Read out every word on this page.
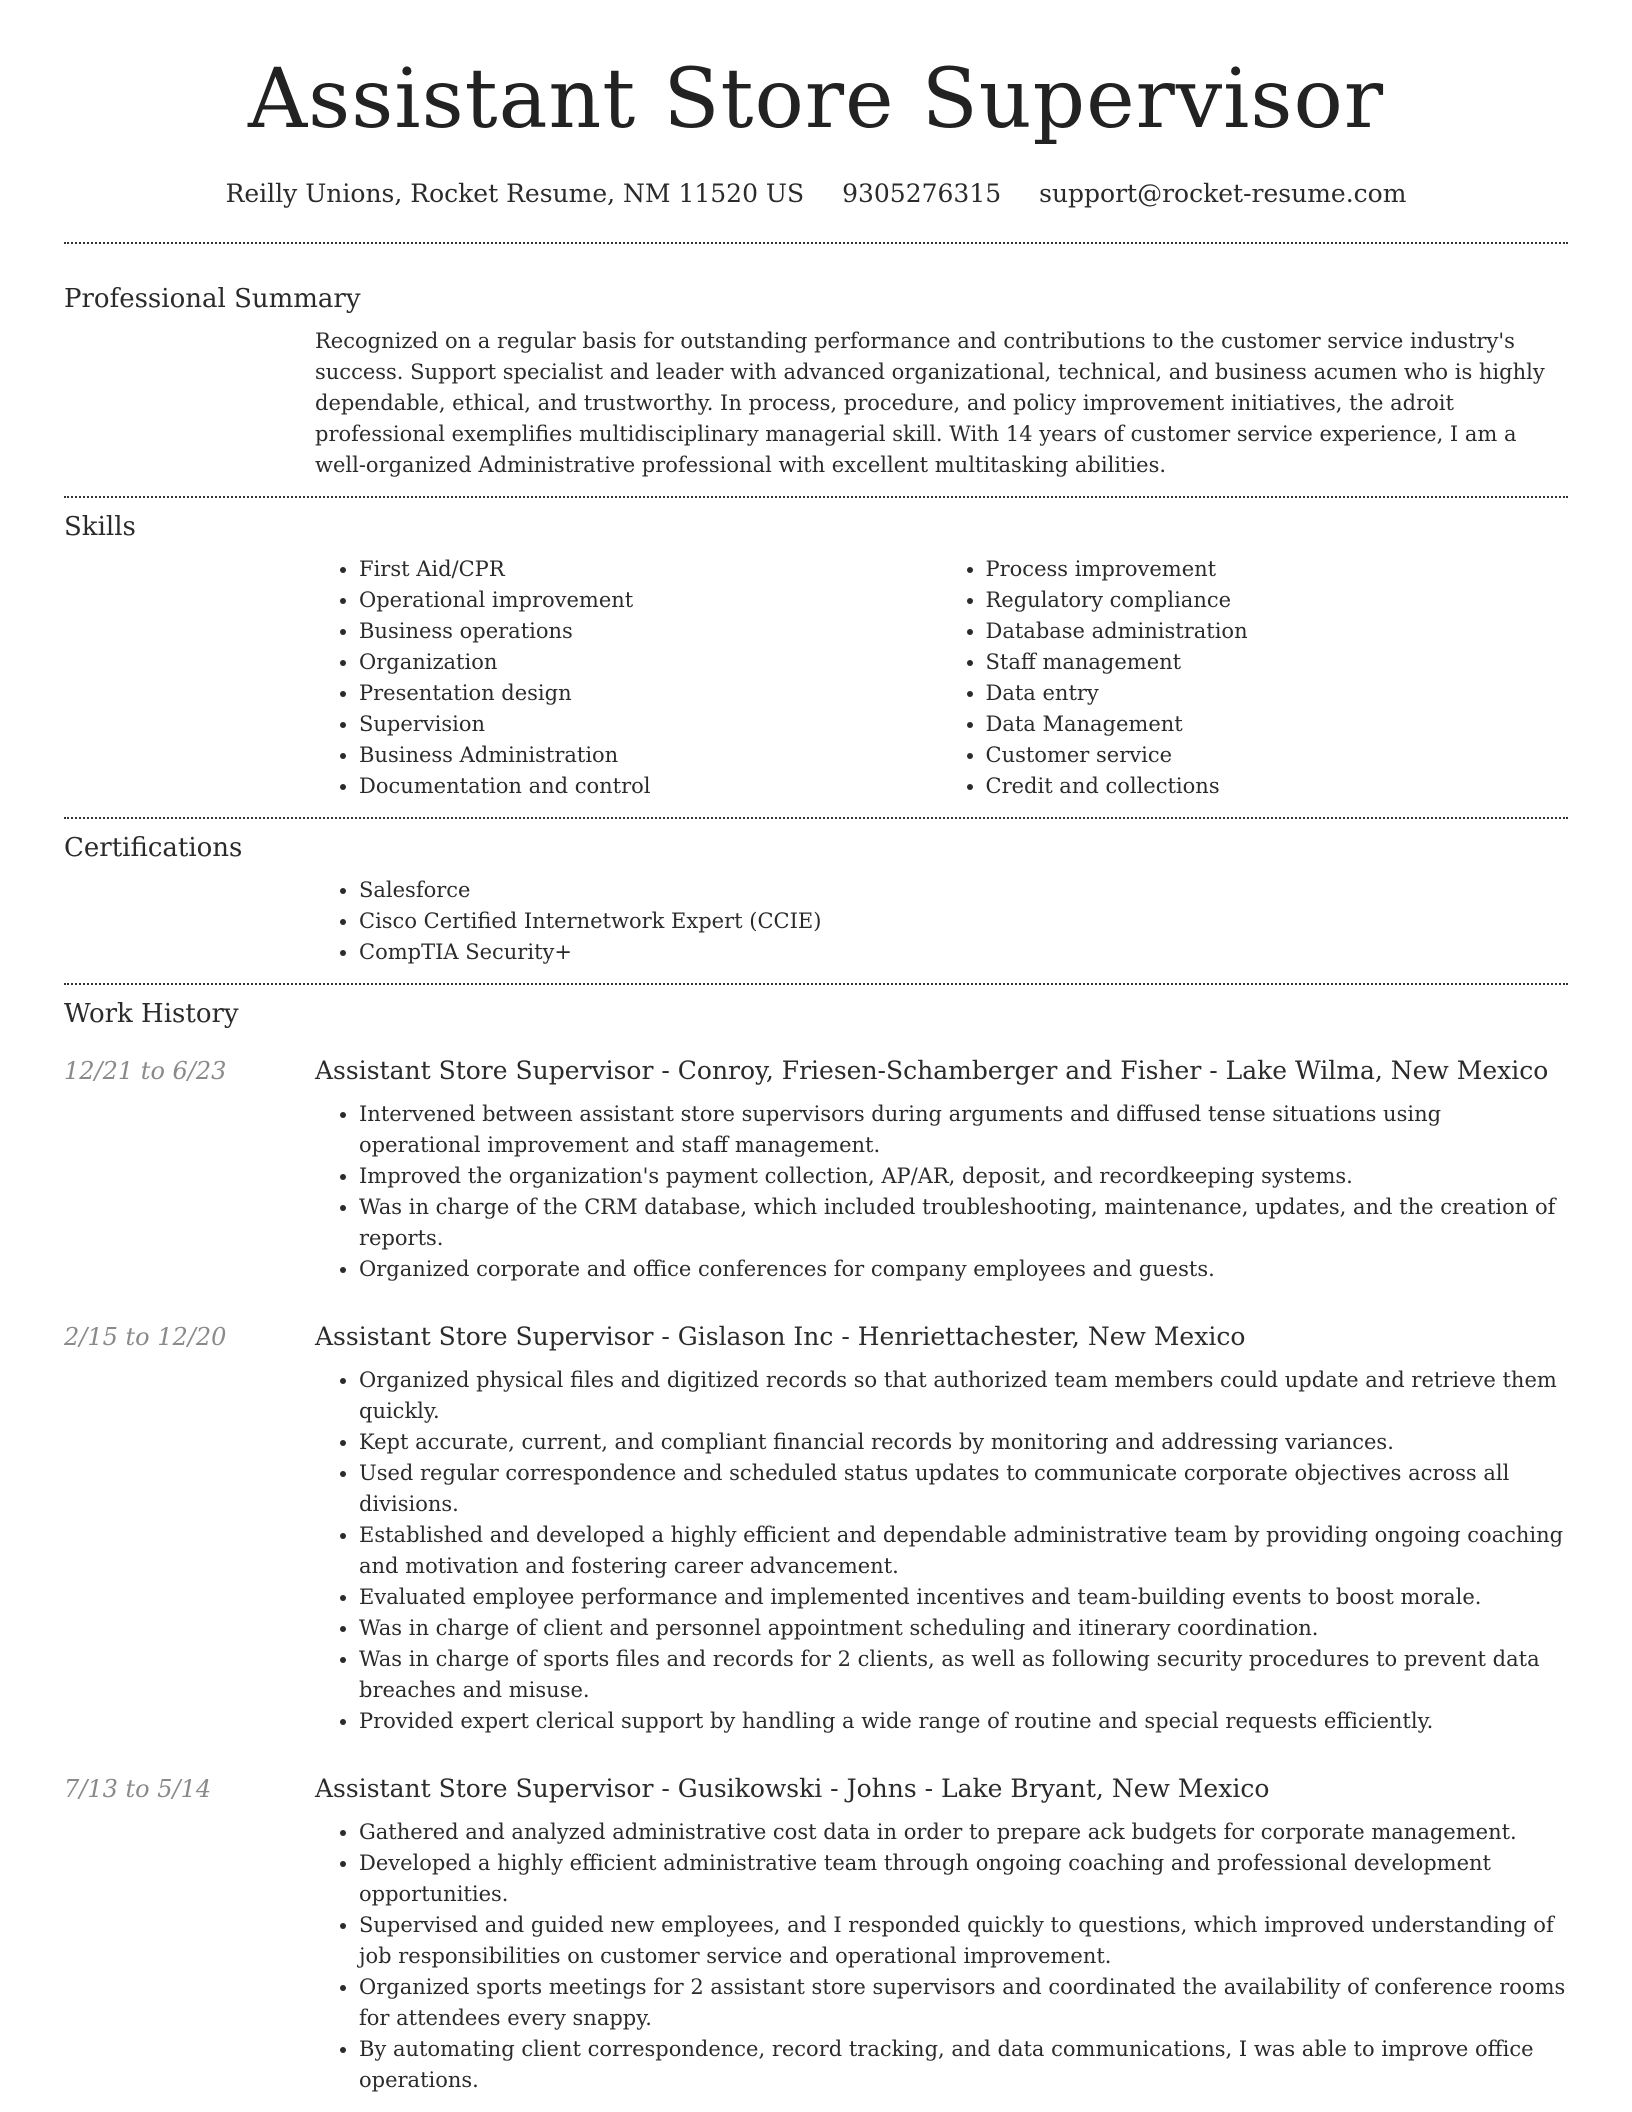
Assistant Store Supervisor
Reilly Unions, Rocket Resume, NM 11520 US 9305276315 support@rocket-resume.com
Professional Summary

Recognized on a regular basis for outstanding performance and contributions to the customer service industry's success. Support specialist and leader with advanced organizational, technical, and business acumen who is highly dependable, ethical, and trustworthy. In process, procedure, and policy improvement initiatives, the adroit professional exemplifies multidisciplinary managerial skill. With 14 years of customer service experience, I am a well-organized Administrative professional with excellent multitasking abilities.

Skills
• First Aid/CPR
• Operational improvement
• Business operations
• Organization
• Presentation design
• Supervision
• Business Administration
• Documentation and control
• Process improvement
• Regulatory compliance
• Database administration
• Staff management
• Data entry
• Data Management
• Customer service
• Credit and collections
Certifications
• Salesforce
• Cisco Certified Internetwork Expert (CCIE)
• CompTIA Security+
Work History
12/21 to 6/23	Assistant Store Supervisor - Conroy, Friesen-Schamberger and Fisher - Lake Wilma, New Mexico
• Intervened between assistant store supervisors during arguments and diffused tense situations using operational improvement and staff management.
• Improved the organization's payment collection, AP/AR, deposit, and recordkeeping systems.
• Was in charge of the CRM database, which included troubleshooting, maintenance, updates, and the creation of reports.
• Organized corporate and office conferences for company employees and guests.
2/15 to 12/20	Assistant Store Supervisor - Gislason Inc - Henriettachester, New Mexico
• Organized physical files and digitized records so that authorized team members could update and retrieve them quickly.
• Kept accurate, current, and compliant financial records by monitoring and addressing variances.
• Used regular correspondence and scheduled status updates to communicate corporate objectives across all divisions.
• Established and developed a highly efficient and dependable administrative team by providing ongoing coaching and motivation and fostering career advancement.
• Evaluated employee performance and implemented incentives and team-building events to boost morale.
• Was in charge of client and personnel appointment scheduling and itinerary coordination.
• Was in charge of sports files and records for 2 clients, as well as following security procedures to prevent data breaches and misuse.
• Provided expert clerical support by handling a wide range of routine and special requests efficiently.
7/13 to 5/14	Assistant Store Supervisor - Gusikowski - Johns - Lake Bryant, New Mexico
• Gathered and analyzed administrative cost data in order to prepare ack budgets for corporate management.
• Developed a highly efficient administrative team through ongoing coaching and professional development opportunities.
• Supervised and guided new employees, and I responded quickly to questions, which improved understanding of job responsibilities on customer service and operational improvement.
• Organized sports meetings for 2 assistant store supervisors and coordinated the availability of conference rooms for attendees every snappy.
• By automating client correspondence, record tracking, and data communications, I was able to improve office operations.
